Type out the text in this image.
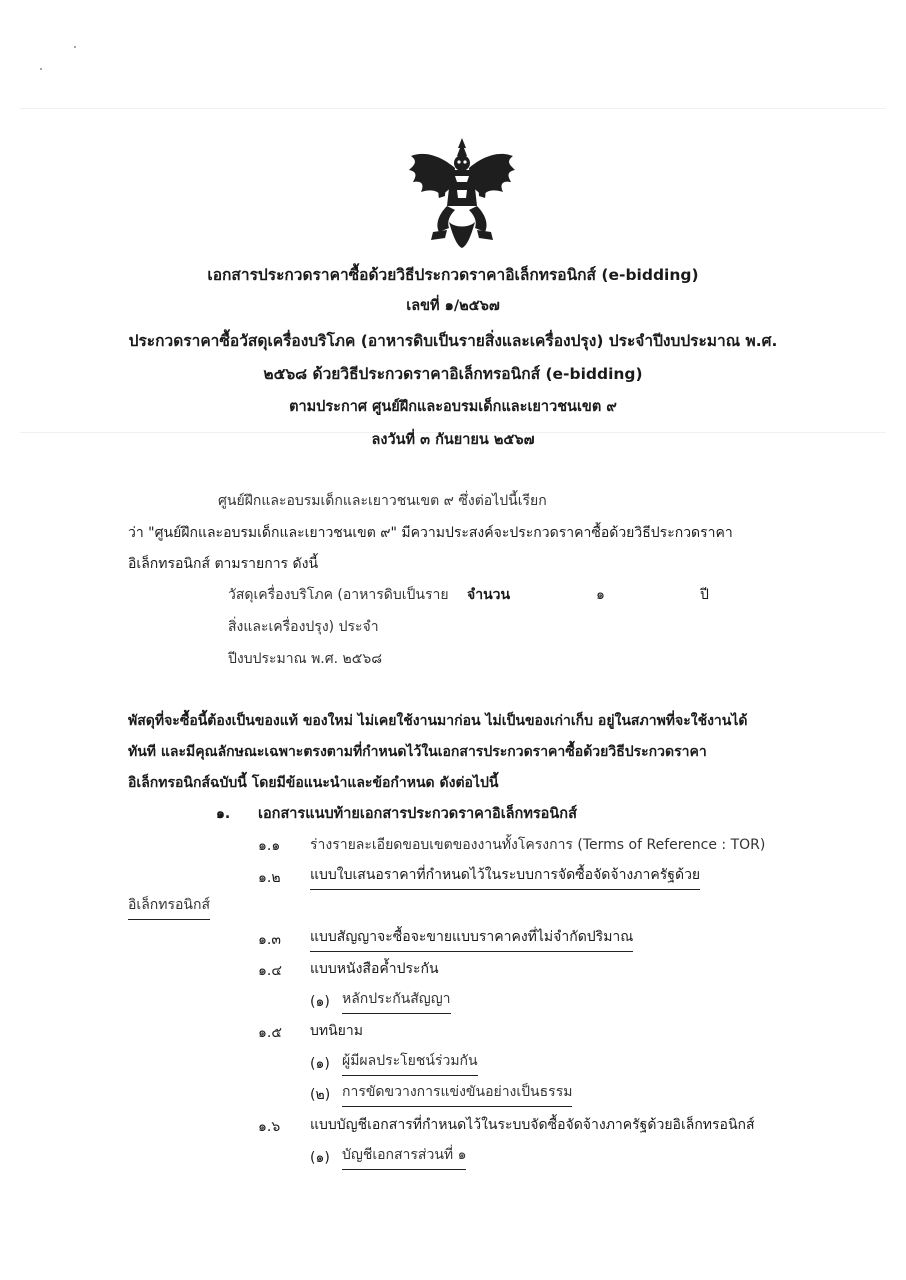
เอกสารประกวดราคาซื้อด้วยวิธีประกวดราคาอิเล็กทรอนิกส์ (e-bidding)
เลขที่ ๑/๒๕๖๗
ประกวดราคาซื้อวัสดุเครื่องบริโภค (อาหารดิบเป็นรายสิ่งและเครื่องปรุง) ประจำปีงบประมาณ พ.ศ.
๒๕๖๘ ด้วยวิธีประกวดราคาอิเล็กทรอนิกส์ (e-bidding)
ตามประกาศ ศูนย์ฝึกและอบรมเด็กและเยาวชนเขต ๙
ลงวันที่ ๓ กันยายน ๒๕๖๗
ศูนย์ฝึกและอบรมเด็กและเยาวชนเขต ๙ ซึ่งต่อไปนี้เรียก
ว่า "ศูนย์ฝึกและอบรมเด็กและเยาวชนเขต ๙" มีความประสงค์จะประกวดราคาซื้อด้วยวิธีประกวดราคา
อิเล็กทรอนิกส์ ตามรายการ ดังนี้
วัสดุเครื่องบริโภค (อาหารดิบเป็นราย จำนวน	๑	ปี
สิ่งและเครื่องปรุง) ประจำ
ปีงบประมาณ พ.ศ. ๒๕๖๘
พัสดุที่จะซื้อนี้ต้องเป็นของแท้ ของใหม่ ไม่เคยใช้งานมาก่อน ไม่เป็นของเก่าเก็บ อยู่ในสภาพที่จะใช้งานได้
ทันที และมีคุณลักษณะเฉพาะตรงตามที่กำหนดไว้ในเอกสารประกวดราคาซื้อด้วยวิธีประกวดราคา
อิเล็กทรอนิกส์ฉบับนี้ โดยมีข้อแนะนำและข้อกำหนด ดังต่อไปนี้
๑. เอกสารแนบท้ายเอกสารประกวดราคาอิเล็กทรอนิกส์
๑.๑ ร่างรายละเอียดขอบเขตของงานทั้งโครงการ (Terms of Reference : TOR)
๑.๒ แบบใบเสนอราคาที่กำหนดไว้ในระบบการจัดซื้อจัดจ้างภาครัฐด้วย
อิเล็กทรอนิกส์
๑.๓ แบบสัญญาจะซื้อจะขายแบบราคาคงที่ไม่จำกัดปริมาณ
๑.๔ แบบหนังสือค้ำประกัน
(๑) หลักประกันสัญญา
๑.๕ บทนิยาม
(๑) ผู้มีผลประโยชน์ร่วมกัน
(๒) การขัดขวางการแข่งขันอย่างเป็นธรรม
๑.๖ แบบบัญชีเอกสารที่กำหนดไว้ในระบบจัดซื้อจัดจ้างภาครัฐด้วยอิเล็กทรอนิกส์
(๑) บัญชีเอกสารส่วนที่ ๑
